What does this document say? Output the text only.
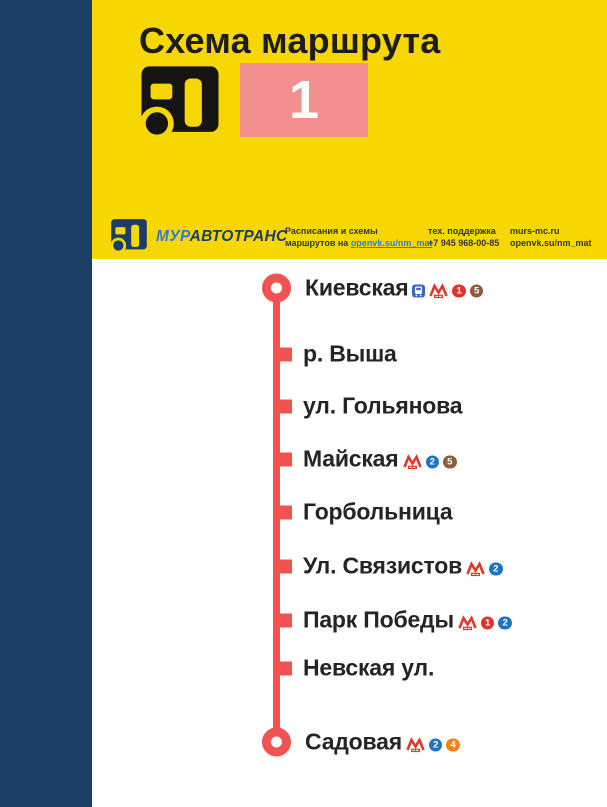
Схема маршрута
1
МУРАВТОТРАНС
Расписания и схемы
маршрутов на openvk.su/nm_mat
тех. поддержка
+7 945 968-00-85
murs-mc.ru
openvk.su/nm_mat
Киевская	1	5
р. Выша
ул. Гольянова
Майская	2	5
Горбольница
Ул. Связистов	2
Парк Победы	1	2
Невская ул.
Садовая	2	4
